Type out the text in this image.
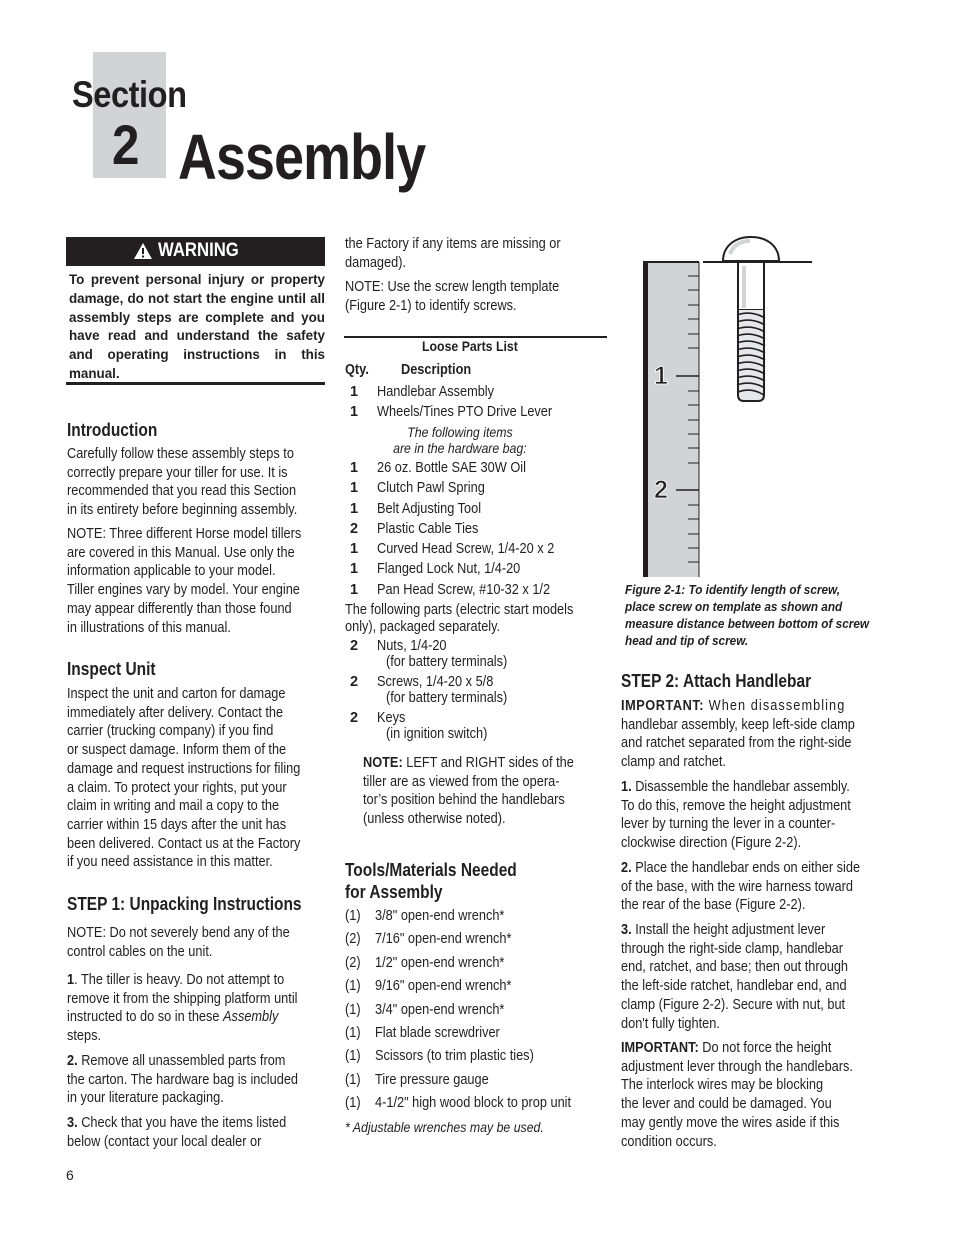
Section
2 Assembly
WARNING
To prevent personal injury or property damage, do not start the engine until all assembly steps are complete and you have read and understand the safety and operating instructions in this manual.
Introduction
Carefully follow these assembly steps to
correctly prepare your tiller for use. It is
recommended that you read this Section
in its entirety before beginning assembly.
NOTE: Three different Horse model tillers
are covered in this Manual. Use only the
information applicable to your model.
Tiller engines vary by model. Your engine
may appear differently than those found
in illustrations of this manual.
Inspect Unit
Inspect the unit and carton for damage
immediately after delivery. Contact the
carrier (trucking company) if you find
or suspect damage. Inform them of the
damage and request instructions for filing
a claim. To protect your rights, put your
claim in writing and mail a copy to the
carrier within 15 days after the unit has
been delivered. Contact us at the Factory
if you need assistance in this matter.
STEP 1: Unpacking Instructions
NOTE: Do not severely bend any of the
control cables on the unit.
1. The tiller is heavy. Do not attempt to
remove it from the shipping platform until
instructed to do so in these Assembly
steps.
2. Remove all unassembled parts from
the carton. The hardware bag is included
in your literature packaging.
3. Check that you have the items listed
below (contact your local dealer or
6
the Factory if any items are missing or
damaged).
NOTE: Use the screw length template
(Figure 2-1) to identify screws.
Loose Parts List
Qty. Description
1 Handlebar Assembly
1 Wheels/Tines PTO Drive Lever
The following items
are in the hardware bag:
1 26 oz. Bottle SAE 30W Oil
1 Clutch Pawl Spring
1 Belt Adjusting Tool
2 Plastic Cable Ties
1 Curved Head Screw, 1/4-20 x 2
1 Flanged Lock Nut, 1/4-20
1 Pan Head Screw, #10-32 x 1/2
The following parts (electric start models
only), packaged separately.
2 Nuts, 1/4-20
(for battery terminals)
2 Screws, 1/4-20 x 5/8
(for battery terminals)
2 Keys
(in ignition switch)
NOTE: LEFT and RIGHT sides of the
tiller are as viewed from the opera-
tor’s position behind the handlebars
(unless otherwise noted).
Tools/Materials Needed
for Assembly
(1) 3/8" open-end wrench*
(2) 7/16" open-end wrench*
(2) 1/2" open-end wrench*
(1) 9/16" open-end wrench*
(1) 3/4" open-end wrench*
(1) Flat blade screwdriver
(1) Scissors (to trim plastic ties)
(1) Tire pressure gauge
(1) 4-1/2" high wood block to prop unit
* Adjustable wrenches may be used.
1
2
Figure 2-1: To identify length of screw,
place screw on template as shown and
measure distance between bottom of screw
head and tip of screw.
STEP 2: Attach Handlebar
IMPORTANT: When disassembling
handlebar assembly, keep left-side clamp
and ratchet separated from the right-side
clamp and ratchet.
1. Disassemble the handlebar assembly.
To do this, remove the height adjustment
lever by turning the lever in a counter-
clockwise direction (Figure 2-2).
2. Place the handlebar ends on either side
of the base, with the wire harness toward
the rear of the base (Figure 2-2).
3. Install the height adjustment lever
through the right-side clamp, handlebar
end, ratchet, and base; then out through
the left-side ratchet, handlebar end, and
clamp (Figure 2-2). Secure with nut, but
don't fully tighten.
IMPORTANT: Do not force the height
adjustment lever through the handlebars.
The interlock wires may be blocking
the lever and could be damaged. You
may gently move the wires aside if this
condition occurs.
